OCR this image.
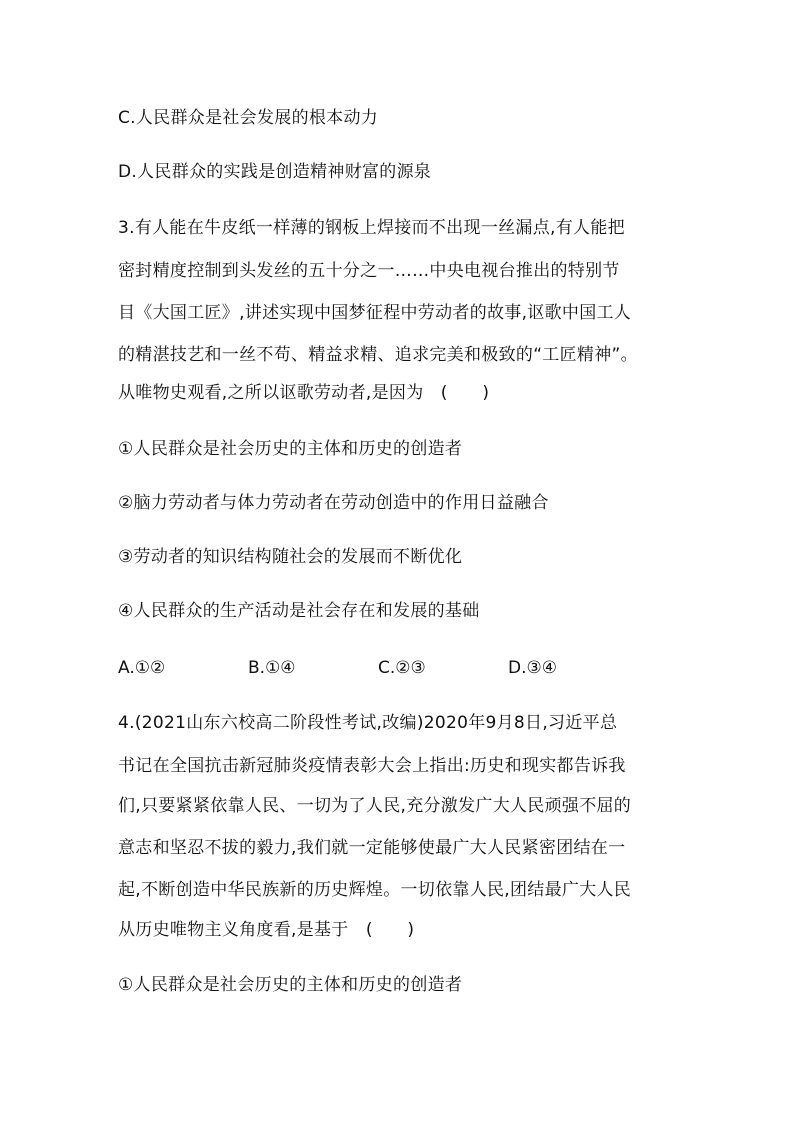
C.人民群众是社会发展的根本动力
D.人民群众的实践是创造精神财富的源泉
3.有人能在牛皮纸一样薄的钢板上焊接而不出现一丝漏点,有人能把
密封精度控制到头发丝的五十分之一……中央电视台推出的特别节
目《大国工匠》,讲述实现中国梦征程中劳动者的故事,讴歌中国工人
的精湛技艺和一丝不苟、精益求精、追求完美和极致的“工匠精神”。
从唯物史观看,之所以讴歌劳动者,是因为　(　　)
①人民群众是社会历史的主体和历史的创造者
②脑力劳动者与体力劳动者在劳动创造中的作用日益融合
③劳动者的知识结构随社会的发展而不断优化
④人民群众的生产活动是社会存在和发展的基础
A.①②	B.①④	C.②③	D.③④
4.(2021山东六校高二阶段性考试,改编)2020年9月8日,习近平总
书记在全国抗击新冠肺炎疫情表彰大会上指出:历史和现实都告诉我
们,只要紧紧依靠人民、一切为了人民,充分激发广大人民顽强不屈的
意志和坚忍不拔的毅力,我们就一定能够使最广大人民紧密团结在一
起,不断创造中华民族新的历史辉煌。一切依靠人民,团结最广大人民
从历史唯物主义角度看,是基于　(　　)
①人民群众是社会历史的主体和历史的创造者
